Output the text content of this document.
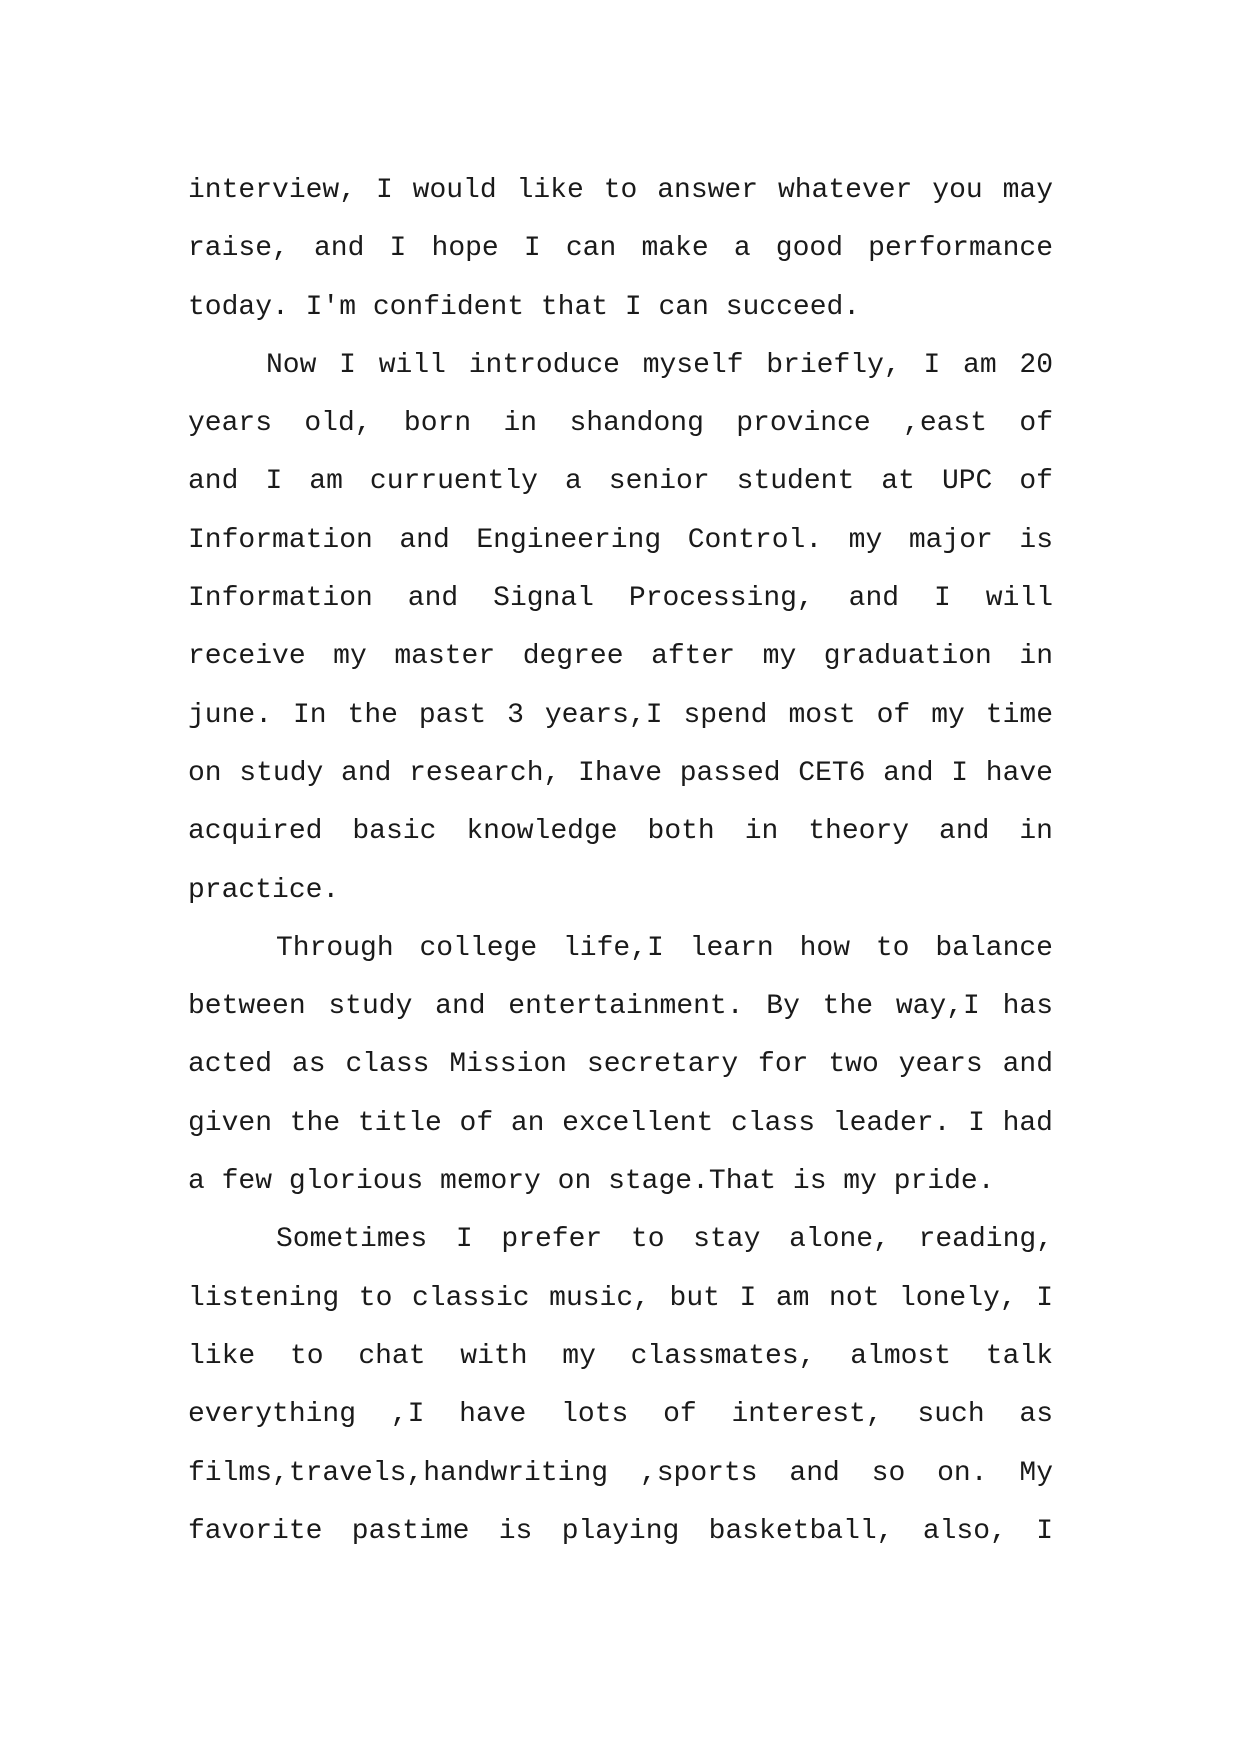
interview, I would like to answer whatever you may
raise, and I hope I can make a good performance
today. I'm confident that I can succeed.
Now I will introduce myself briefly, I am 20
years old, born in shandong province ,east of
and I am curruently a senior student at UPC of
Information and Engineering Control. my major is
Information and Signal Processing, and I will
receive my master degree after my graduation in
june. In the past 3 years,I spend most of my time
on study and research, Ihave passed CET6 and I have
acquired basic knowledge both in theory and in
practice.
Through college life,I learn how to balance
between study and entertainment. By the way,I has
acted as class Mission secretary for two years and
given the title of an excellent class leader. I had
a few glorious memory on stage.That is my pride.
Sometimes I prefer to stay alone, reading,
listening to classic music, but I am not lonely, I
like to chat with my classmates, almost talk
everything ,I have lots of interest, such as
films,travels,handwriting ,sports and so on. My
favorite pastime is playing basketball, also, I
